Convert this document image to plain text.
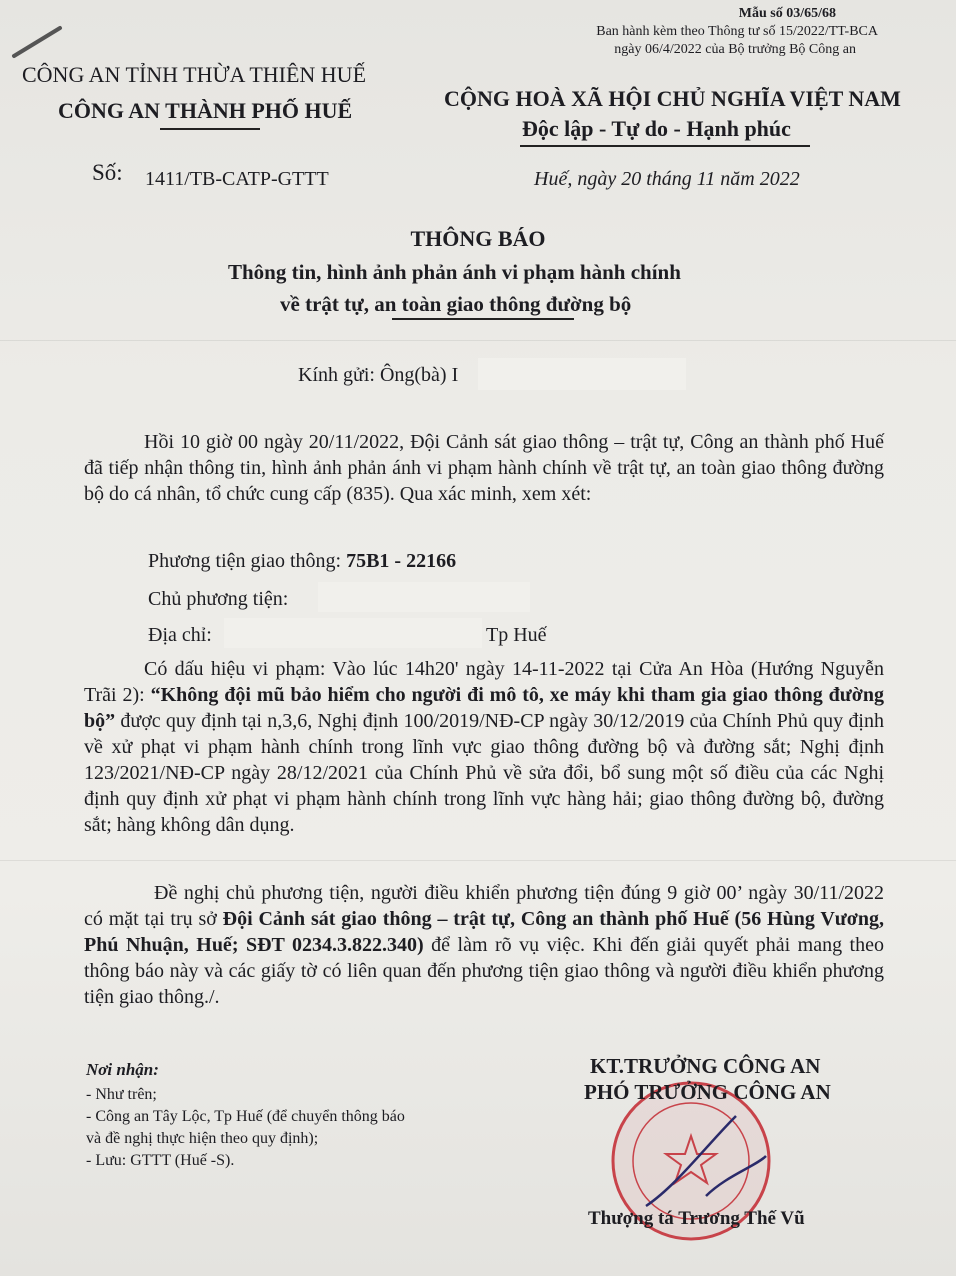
Mẫu số 03/65/68
Ban hành kèm theo Thông tư số 15/2022/TT-BCA
ngày 06/4/2022 của Bộ trưởng Bộ Công an
CÔNG AN TỈNH THỪA THIÊN HUẾ
CÔNG AN THÀNH PHỐ HUẾ	CỘNG HOÀ XÃ HỘI CHỦ NGHĨA VIỆT NAM
Độc lập - Tự do - Hạnh phúc
Số: 1411/TB-CATP-GTTT	Huế, ngày 20 tháng 11 năm 2022
THÔNG BÁO
Thông tin, hình ảnh phản ánh vi phạm hành chính
về trật tự, an toàn giao thông đường bộ
Kính gửi: Ông(bà) I
Hồi 10 giờ 00 ngày 20/11/2022, Đội Cảnh sát giao thông – trật tự, Công an thành phố Huế đã tiếp nhận thông tin, hình ảnh phản ánh vi phạm hành chính về trật tự, an toàn giao thông đường bộ do cá nhân, tổ chức cung cấp (835). Qua xác minh, xem xét:
Phương tiện giao thông: 75B1 - 22166
Chủ phương tiện:
Địa chỉ:	Tp Huế
Có dấu hiệu vi phạm: Vào lúc 14h20' ngày 14-11-2022 tại Cửa An Hòa (Hướng Nguyễn Trãi 2): “Không đội mũ bảo hiểm cho người đi mô tô, xe máy khi tham gia giao thông đường bộ” được quy định tại n,3,6, Nghị định 100/2019/NĐ-CP ngày 30/12/2019 của Chính Phủ quy định về xử phạt vi phạm hành chính trong lĩnh vực giao thông đường bộ và đường sắt; Nghị định 123/2021/NĐ-CP ngày 28/12/2021 của Chính Phủ về sửa đổi, bổ sung một số điều của các Nghị định quy định xử phạt vi phạm hành chính trong lĩnh vực hàng hải; giao thông đường bộ, đường sắt; hàng không dân dụng.
Đề nghị chủ phương tiện, người điều khiển phương tiện đúng 9 giờ 00’ ngày 30/11/2022 có mặt tại trụ sở Đội Cảnh sát giao thông – trật tự, Công an thành phố Huế (56 Hùng Vương, Phú Nhuận, Huế; SĐT 0234.3.822.340) để làm rõ vụ việc. Khi đến giải quyết phải mang theo thông báo này và các giấy tờ có liên quan đến phương tiện giao thông và người điều khiển phương tiện giao thông./.
Nơi nhận:
- Như trên;
- Công an Tây Lộc, Tp Huế (để chuyển thông báo
và đề nghị thực hiện theo quy định);
- Lưu: GTTT (Huế -S).
KT.TRƯỞNG CÔNG AN
PHÓ TRƯỞNG CÔNG AN
Thượng tá Trương Thế Vũ
